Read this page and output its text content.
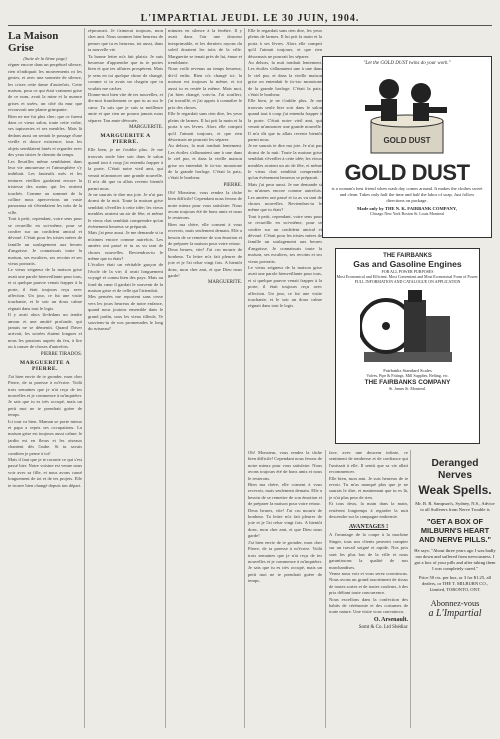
L'IMPARTIAL JEUDI. LE 30 JUIN, 1904.
La Maison Grise

(Suite de la 6ème page)

régner encore dans un perpétuel silence, rien n'indiquait les mouvements ni les gestes, et avec une sonnerie de silence, les crises cette dame d'autrefois. Cette maison, pour ce qui était vraiment grise de ce nom, avait la mine et la nuance grises et usées, un côté du mur que recouvrait une plante grimpante.

Rien ne me fut plus cher; que ce furent dans ce vieux salon, toute cette voûte, ses tapisseries et ses meubles. Mais là dedans aussi on sentait le passage d'une vieille et douce existence; tous les objets semblaient fanés et regarder avec des yeux tristes le chemin du temps.

Les fleurilles même semblaient dans leur vie amoureuse et l'atmosphère s'y imbibait. Les fauteuils usés et les tentures vieillies gardaient encore la tristesse des mains qui les avaient touchés. Comme au sommet de la colline nous apercevions un vaste panorama où s'étendaient les toits de la ville.

Tout à petit, cependant, votre sens pour se recueillir en soi-même, pour se confier sur un confident amical et dévoué. C'était pour les tristes mères de famille un soulagement aux heures d'angoisse. Je connaissais toute la maison, ses escaliers, ses recoins et ses vieux portraits.

Le vieux seigneur de la maison grise avait une parole bienveillante pour tous, et si quelque pauvre venait frapper à la porte, il était toujours reçu avec affection. Un jour, ce fut une visite touchante, et le soir un doux calme régnait dans tout le logis.

Il y avait alors là-dedans un tendre amour et une amitié profonde, qui jamais ne se démentit. Quand l'hiver arrivait, les soirées étaient longues et nous les passions auprès du feu, à lire ou à causer de choses d'autrefois.

PIERRE TIRADOS.
MARGUERITE A PIERRE.

J'ai bien envie de te gronder, mon cher Pierre, de ta paresse à m'écrire. Voilà trois semaines que je n'ai reçu de tes nouvelles et je commence à m'inquiéter. Je sais que tu es très occupé, mais un petit mot ne te prendrait guère de temps.

Ici tout va bien. Maman se porte mieux et papa a repris ses occupations. La maison grise est toujours aussi calme; le jardin est en fleurs et les oiseaux chantent dès l'aube. Si tu savais combien je pense à toi!

Mais il faut que je te raconte ce qui s'est passé hier. Notre voisine est venue nous voir avec sa fille, et nous avons causé longuement de toi et de tes projets. Elle te trouve bien changé depuis ton départ.

réprouvait. Je t'aimerai toujours, mon cher ami. Nous sommes bien heureux de penser que tu es heureux, toi aussi, dans ta nouvelle vie.

Ta bonne lettre m'a fait plaisir. Je suis heureuse d'apprendre que tu te portes bien et que tes affaires prospèrent. Mais je sens en toi quelque chose de changé, comme si tu avais un chagrin que tu voulais me cacher.

Donne-moi bien vite de tes nouvelles, et dis-moi franchement ce que tu as sur le cœur. Tu sais que je suis ta meilleure amie et que rien ne pourra jamais nous séparer. Ton amie dévouée,

MARGUERITE.
MARGUERITE A PIERRE.

Elle bien, je ne t'oublie plus. Je me trouvais seule hier soir dans le salon quand tout à coup j'ai entendu frapper à la porte. C'était notre vieil ami, qui venait m'annoncer une grande nouvelle. Il m'a dit que tu allais revenir bientôt parmi nous.

Je ne saurais te dire ma joie. Je n'ai pas dormi de la nuit. Toute la maison grise semblait s'éveiller à cette idée; les vieux meubles avaient un air de fête, et même le vieux chat semblait comprendre qu'un événement heureux se préparait.

Mais j'ai peur aussi. Je me demande si tu m'aimes encore comme autrefois. Les années ont passé et tu as vu tant de choses nouvelles. Reviendras-tu le même que tu étais?

L'écolier était un véritable garçon de l'école de la vie; il avait longuement voyagé et connu bien des pays. Mais au fond du cœur il gardait le souvenir de la maison grise et de celle qui l'attendait.

Mes pensées me reportent sans cesse vers les jours heureux de notre enfance, quand nous jouions ensemble dans le grand jardin, sous les vieux tilleuls. Te souviens-tu de nos promenades le long du ruisseau?

minutes en silence à la fenêtre. Il y avait dans l'air une douceur inexprimable, et les derniers rayons du soleil doraient les toits de la ville. Marguerite se tenait près de lui, émue et tremblante.

Nous voilà revenus au temps heureux, dit-il enfin. Rien n'a changé ici; la maison est toujours la même, et toi aussi tu es restée la même. Mais moi, j'ai bien changé, vois-tu. J'ai souffert, j'ai travaillé, et j'ai appris à connaître le prix des choses.

Elle le regardait sans rien dire, les yeux pleins de larmes. Il lui prit la main et la porta à ses lèvres. Alors elle comprit qu'il l'aimait toujours, et que rien désormais ne pourrait les séparer.

Au dehors, la nuit tombait lentement. Les étoiles s'allumaient une à une dans le ciel pur, et dans la vieille maison grise on entendait le tic-tac monotone de la grande horloge. C'était la paix, c'était le bonheur.

PIERRE.

Oh! Monsieur, vous rendez la tâche bien difficile! Cependant nous ferons de notre mieux pour vous satisfaire. Nous avons toujours été de bons amis et nous le resterons.

Bien ma chère, elle consent à vous recevoir, mais seulement demain. Elle a besoin de se remettre de son émotion et de préparer la maison pour votre retour.

Deux heures, vite! J'ai cru mourir de bonheur. Ta lettre m'a fait pleurer de joie et je l'ai relue vingt fois. A bientôt donc, mon cher ami, et que Dieu nous garde!

MARGUERITE.

Elle le regardait sans rien dire, les yeux pleins de larmes. Il lui prit la main et la porta à ses lèvres. Alors elle comprit qu'il l'aimait toujours, et que rien désormais ne pourrait les séparer.

Au dehors, la nuit tombait lentement. Les étoiles s'allumaient une à une dans le ciel pur, et dans la vieille maison grise on entendait le tic-tac monotone de la grande horloge. C'était la paix, c'était le bonheur.

Elle bien, je ne t'oublie plus. Je me trouvais seule hier soir dans le salon quand tout à coup j'ai entendu frapper à la porte. C'était notre vieil ami, qui venait m'annoncer une grande nouvelle. Il m'a dit que tu allais revenir bientôt parmi nous.

Je ne saurais te dire ma joie. Je n'ai pas dormi de la nuit. Toute la maison grise semblait s'éveiller à cette idée; les vieux meubles avaient un air de fête, et même le vieux chat semblait comprendre qu'un événement heureux se préparait.

Mais j'ai peur aussi. Je me demande si tu m'aimes encore comme autrefois. Les années ont passé et tu as vu tant de choses nouvelles. Reviendras-tu le même que tu étais?

Tout à petit, cependant, votre sens pour se recueillir en soi-même, pour se confier sur un confident amical et dévoué. C'était pour les tristes mères de famille un soulagement aux heures d'angoisse. Je connaissais toute la maison, ses escaliers, ses recoins et ses vieux portraits.

Le vieux seigneur de la maison grise avait une parole bienveillante pour tous, et si quelque pauvre venait frapper à la porte, il était toujours reçu avec affection. Un jour, ce fut une visite touchante, et le soir un doux calme régnait dans tout le logis.

Oh! Monsieur, vous rendez la tâche bien difficile! Cependant nous ferons de notre mieux pour vous satisfaire. Nous avons toujours été de bons amis et nous le resterons.

Bien ma chère, elle consent à vous recevoir, mais seulement demain. Elle a besoin de se remettre de son émotion et de préparer la maison pour votre retour.

Deux heures, vite! J'ai cru mourir de bonheur. Ta lettre m'a fait pleurer de joie et je l'ai relue vingt fois. A bientôt donc, mon cher ami, et que Dieu nous garde!

J'ai bien envie de te gronder, mon cher Pierre, de ta paresse à m'écrire. Voilà trois semaines que je n'ai reçu de tes nouvelles et je commence à m'inquiéter. Je sais que tu es très occupé, mais un petit mot ne te prendrait guère de temps.

face, avec une douceur infinie, ce sentiment de tendresse et de confiance qui l'unissait à elle. Il sentit que sa vie allait recommencer.

Elle bien, mon ami. Je suis heureux de te revoir. Tu m'as manqué plus que je ne saurais le dire, et maintenant que tu es là, je n'ai plus peur de rien.

Et tous deux, la main dans la main, restèrent longtemps à regarder la nuit descendre sur la campagne endormie.

AVANTAGES !

A l'avantage de la coupe à la machine Singer, tous nos clients peuvent compter sur un travail soigné et rapide. Nos prix sont les plus bas de la ville et nous garantissons la qualité de nos marchandises.

Venez nous voir et vous serez convaincus. Nous avons un grand assortiment de tissus de toutes sortes et de toutes couleurs, à des prix défiant toute concurrence.

Nous excellons dans la confection des habits de cérémonie et des costumes de toute nature. Une visite vous convaincra.

O. Arsenault.
Somt & Co. Ltd Shédiac
"Let the GOLD DUST twins do your work."
GOLD DUST
GOLD DUST
is a woman's best friend when wash day comes around. It makes the clothes sweet and clean. Takes only half the time and half the labor of soap. Just follow directions on package.
Made only by THE N. K. FAIRBANK COMPANY,
Chicago New York Boston St. Louis Montreal
THE FAIRBANKS
Gas and Gasoline Engines
FOR ALL POWER PURPOSES
Most Economical and Efficient. Most Convenient and Most Economical Form of Power.
FULL INFORMATION AND CATALOGUE ON APPLICATION
Fairbanks Standard Scales
Valves, Pipe & Fittings. Mill Supplies, Belting, etc.
THE FAIRBANKS COMPANY
St. James St. Montreal.
Deranged Nerves
Weak Spells.
Mr. R. R. Sampson's, Sydney, N.S., Advice to all Sufferers from Nerve Trouble is
"GET A BOX OF MILBURN'S HEART AND NERVE PILLS."
He says: "About three years ago I was badly run down and suffered from nervousness. I got a box of your pills and after taking them I was completely cured."
Price 50 cts. per box, or 3 for $1.25, all dealers, or THE T. MILBURN CO., Limited, TORONTO, ONT.
Abonnez-vous
a L'Impartial
